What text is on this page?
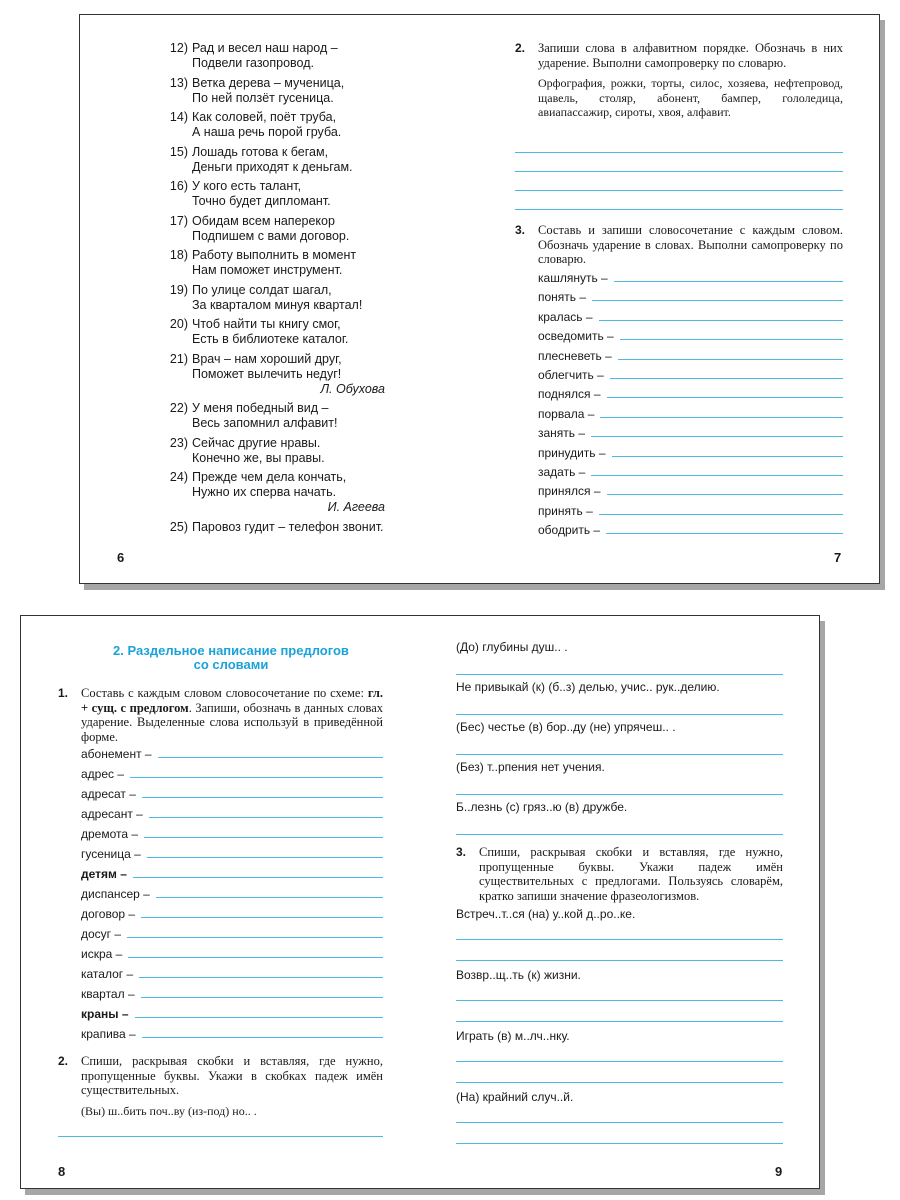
12) Рад и весел наш народ –
Подвели газопровод.
13) Ветка дерева – мученица,
По ней ползёт гусеница.
14) Как соловей, поёт труба,
А наша речь порой груба.
15) Лошадь готова к бегам,
Деньги приходят к деньгам.
16) У кого есть талант,
Точно будет дипломант.
17) Обидам всем наперекор
Подпишем с вами договор.
18) Работу выполнить в момент
Нам поможет инструмент.
19) По улице солдат шагал,
За кварталом минуя квартал!
20) Чтоб найти ты книгу смог,
Есть в библиотеке каталог.
21) Врач – нам хороший друг,
Поможет вылечить недуг!
Л. Обухова
22) У меня победный вид –
Весь запомнил алфавит!
23) Сейчас другие нравы.
Конечно же, вы правы.
24) Прежде чем дела кончать,
Нужно их сперва начать.
И. Агеева
25) Паровоз гудит – телефон звонит.
6
2. Запиши слова в алфавитном порядке. Обозначь в них ударение. Выполни самопроверку по словарю.
Орфография, рожки, торты, силос, хозяева, нефтепровод, щавель, столяр, абонент, бампер, гололедица, авиапассажир, сироты, хвоя, алфавит.
3. Составь и запиши словосочетание с каждым словом. Обозначь ударение в словах. Выполни самопроверку по словарю.
кашлянуть –
понять –
кралась –
осведомить –
плесневеть –
облегчить –
поднялся –
порвала –
занять –
принудить –
задать –
принялся –
принять –
ободрить –
7
2. Раздельное написание предлогов
со словами
1. Составь с каждым словом словосочетание по схеме: гл. + сущ. с предлогом. Запиши, обозначь в данных словах ударение. Выделенные слова используй в приведённой форме.
абонемент –
адрес –
адресат –
адресант –
дремота –
гусеница –
детям –
диспансер –
договор –
досуг –
искра –
каталог –
квартал –
краны –
крапива –
2. Спиши, раскрывая скобки и вставляя, где нужно, пропущенные буквы. Укажи в скобках падеж имён существительных.
(Вы) ш..бить поч..ву (из-под) но.. .
8
(До) глубины душ.. .
Не привыкай (к) (б..з) делью, учис.. рук..делию.
(Бес) честье (в) бор..ду (не) упрячеш.. .
(Без) т..рпения нет учения.
Б..лезнь (с) гряз..ю (в) дружбе.
3. Спиши, раскрывая скобки и вставляя, где нужно, пропущенные буквы. Укажи падеж имён существительных с предлогами. Пользуясь словарём, кратко запиши значение фразеологизмов.
Встреч..т..ся (на) у..кой д..ро..ке.
Возвр..щ..ть (к) жизни.
Играть (в) м..лч..нку.
(На) крайний случ..й.
9
